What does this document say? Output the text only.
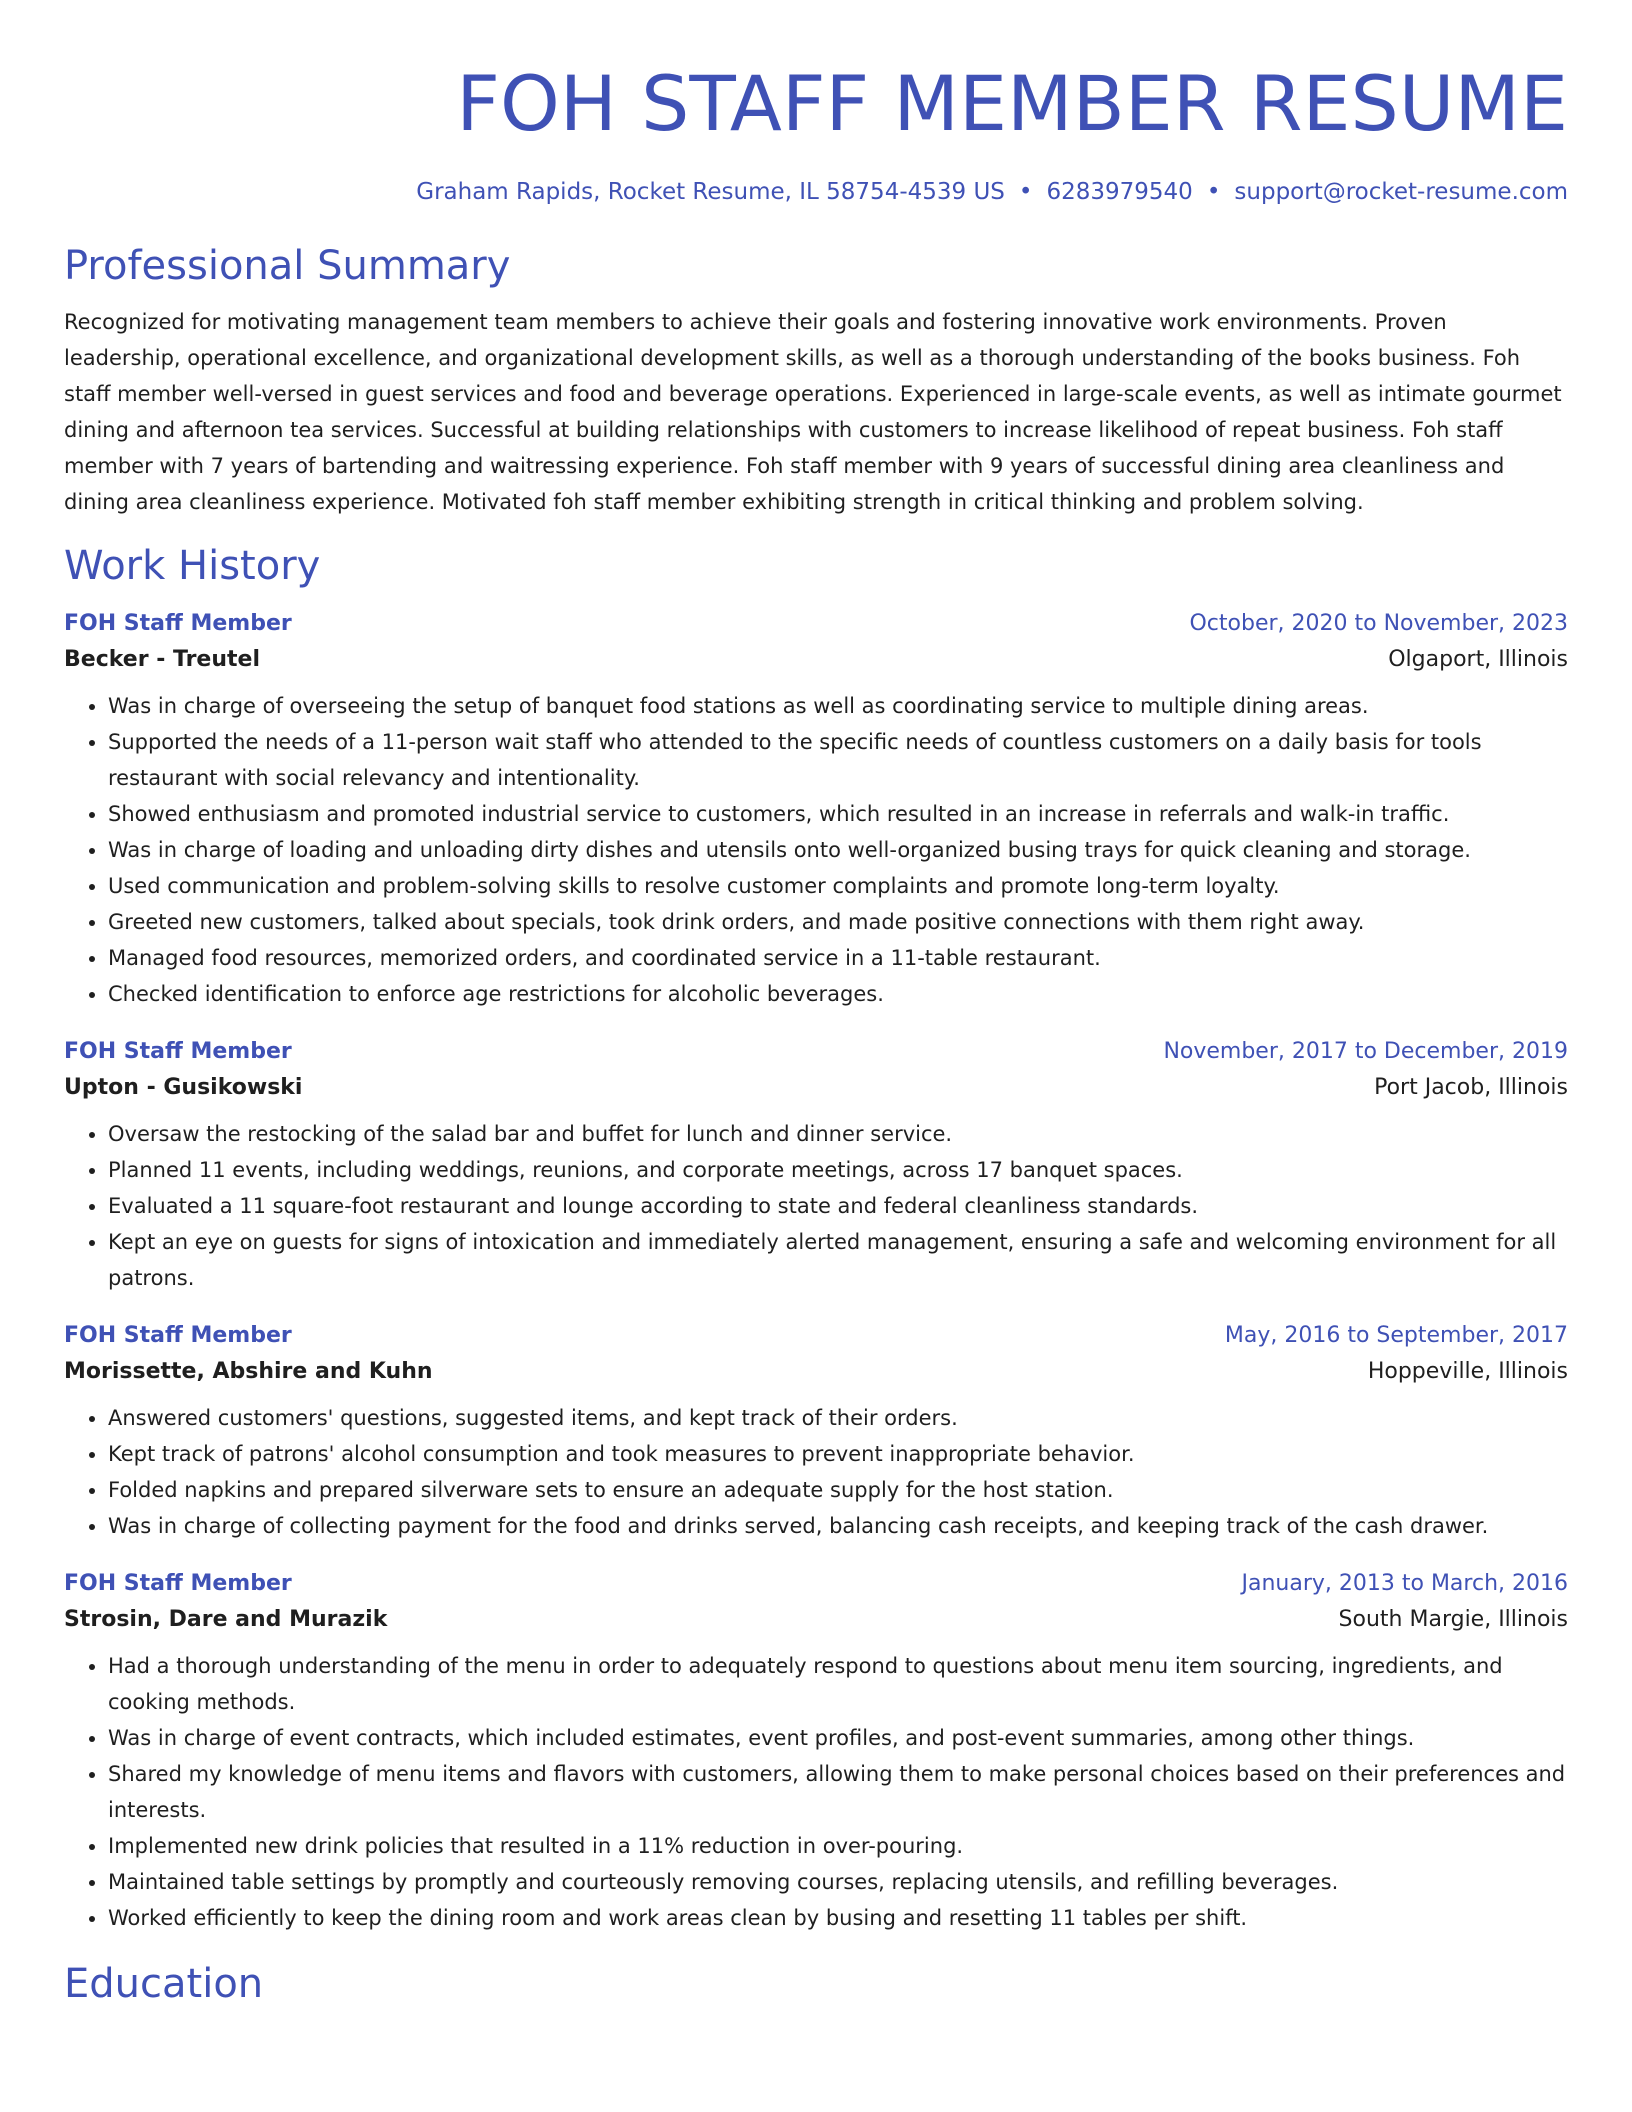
FOH STAFF MEMBER RESUME
Graham Rapids, Rocket Resume, IL 58754-4539 US • 6283979540 • support@rocket-resume.com
Professional Summary
Recognized for motivating management team members to achieve their goals and fostering innovative work environments. Proven leadership, operational excellence, and organizational development skills, as well as a thorough understanding of the books business. Foh staff member well-versed in guest services and food and beverage operations. Experienced in large-scale events, as well as intimate gourmet dining and afternoon tea services. Successful at building relationships with customers to increase likelihood of repeat business. Foh staff member with 7 years of bartending and waitressing experience. Foh staff member with 9 years of successful dining area cleanliness and dining area cleanliness experience. Motivated foh staff member exhibiting strength in critical thinking and problem solving.
Work History
FOH Staff Member	October, 2020 to November, 2023
Becker - Treutel	Olgaport, Illinois
• Was in charge of overseeing the setup of banquet food stations as well as coordinating service to multiple dining areas.
• Supported the needs of a 11-person wait staff who attended to the specific needs of countless customers on a daily basis for tools restaurant with social relevancy and intentionality.
• Showed enthusiasm and promoted industrial service to customers, which resulted in an increase in referrals and walk-in traffic.
• Was in charge of loading and unloading dirty dishes and utensils onto well-organized busing trays for quick cleaning and storage.
• Used communication and problem-solving skills to resolve customer complaints and promote long-term loyalty.
• Greeted new customers, talked about specials, took drink orders, and made positive connections with them right away.
• Managed food resources, memorized orders, and coordinated service in a 11-table restaurant.
• Checked identification to enforce age restrictions for alcoholic beverages.
FOH Staff Member	November, 2017 to December, 2019
Upton - Gusikowski	Port Jacob, Illinois
• Oversaw the restocking of the salad bar and buffet for lunch and dinner service.
• Planned 11 events, including weddings, reunions, and corporate meetings, across 17 banquet spaces.
• Evaluated a 11 square-foot restaurant and lounge according to state and federal cleanliness standards.
• Kept an eye on guests for signs of intoxication and immediately alerted management, ensuring a safe and welcoming environment for all patrons.
FOH Staff Member	May, 2016 to September, 2017
Morissette, Abshire and Kuhn	Hoppeville, Illinois
• Answered customers' questions, suggested items, and kept track of their orders.
• Kept track of patrons' alcohol consumption and took measures to prevent inappropriate behavior.
• Folded napkins and prepared silverware sets to ensure an adequate supply for the host station.
• Was in charge of collecting payment for the food and drinks served, balancing cash receipts, and keeping track of the cash drawer.
FOH Staff Member	January, 2013 to March, 2016
Strosin, Dare and Murazik	South Margie, Illinois
• Had a thorough understanding of the menu in order to adequately respond to questions about menu item sourcing, ingredients, and cooking methods.
• Was in charge of event contracts, which included estimates, event profiles, and post-event summaries, among other things.
• Shared my knowledge of menu items and flavors with customers, allowing them to make personal choices based on their preferences and interests.
• Implemented new drink policies that resulted in a 11% reduction in over-pouring.
• Maintained table settings by promptly and courteously removing courses, replacing utensils, and refilling beverages.
• Worked efficiently to keep the dining room and work areas clean by busing and resetting 11 tables per shift.
Education
